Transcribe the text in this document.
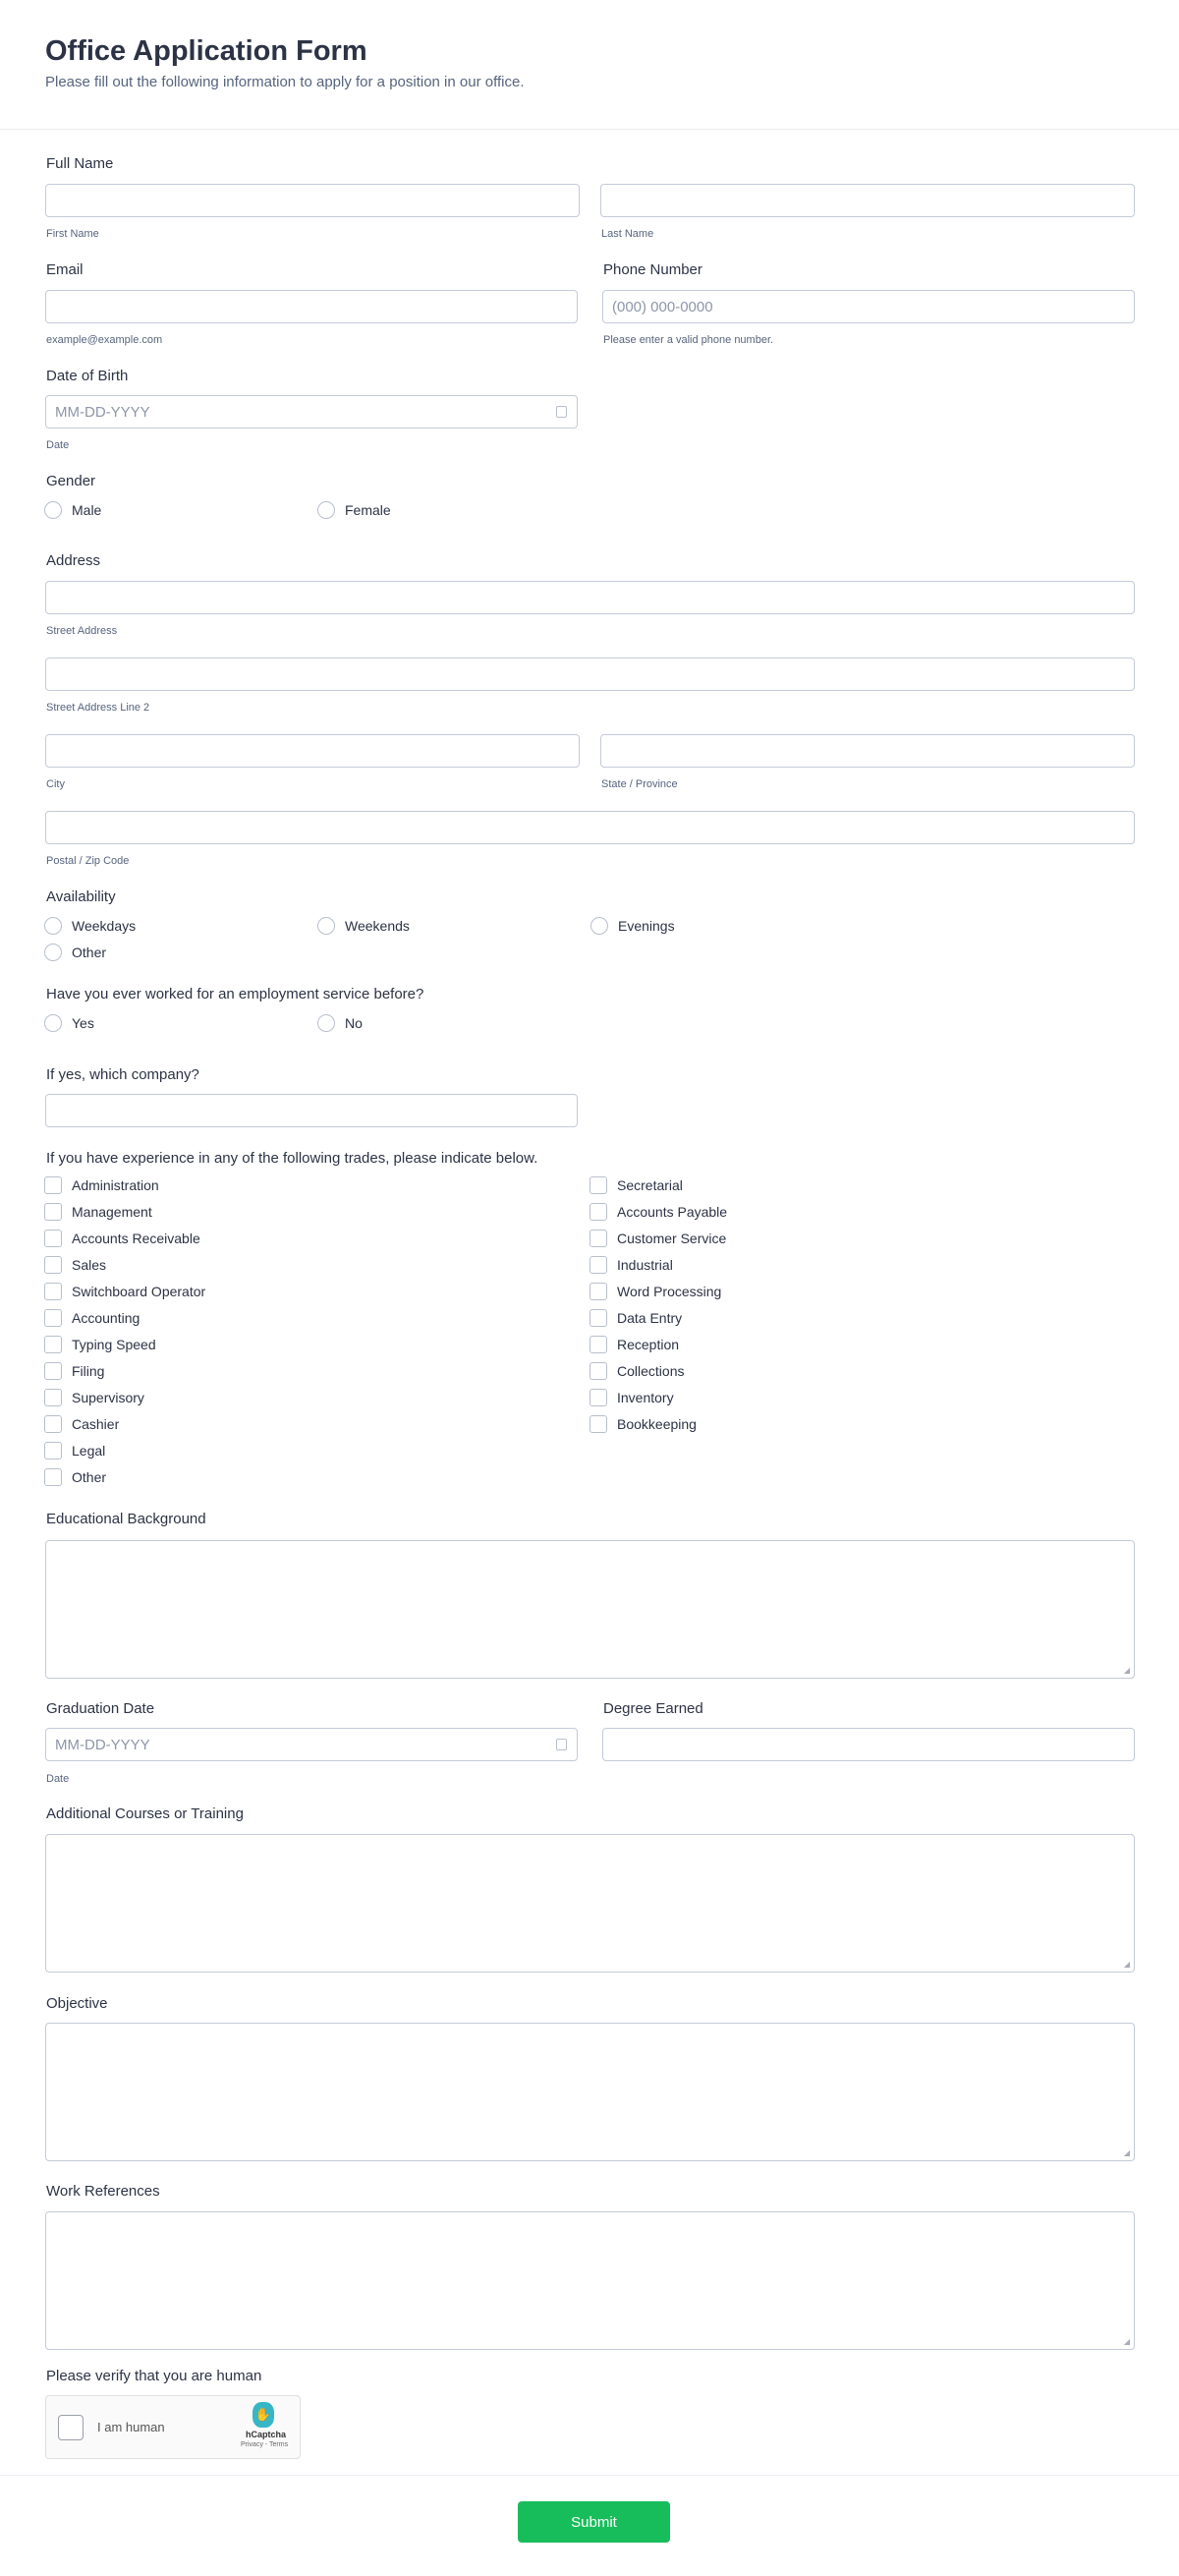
Office Application Form
Please fill out the following information to apply for a position in our office.
Full Name
First Name	Last Name
Email	Phone Number
(000) 000-0000
example@example.com	Please enter a valid phone number.
Date of Birth
MM-DD-YYYY
Date
Gender
Male	Female
Address
Street Address
Street Address Line 2
City	State / Province
Postal / Zip Code
Availability
Weekdays	Weekends	Evenings
Other
Have you ever worked for an employment service before?
Yes	No
If yes, which company?
If you have experience in any of the following trades, please indicate below.
Administration
Management
Accounts Receivable
Sales
Switchboard Operator
Accounting
Typing Speed
Filing
Supervisory
Cashier
Legal
Other
Secretarial
Accounts Payable
Customer Service
Industrial
Word Processing
Data Entry
Reception
Collections
Inventory
Bookkeeping
Educational Background
◢
Graduation Date	Degree Earned
MM-DD-YYYY
Date
Additional Courses or Training
◢
Objective
◢
Work References
◢
Please verify that you are human
I am human
✋
hCaptcha
Privacy - Terms
Submit
